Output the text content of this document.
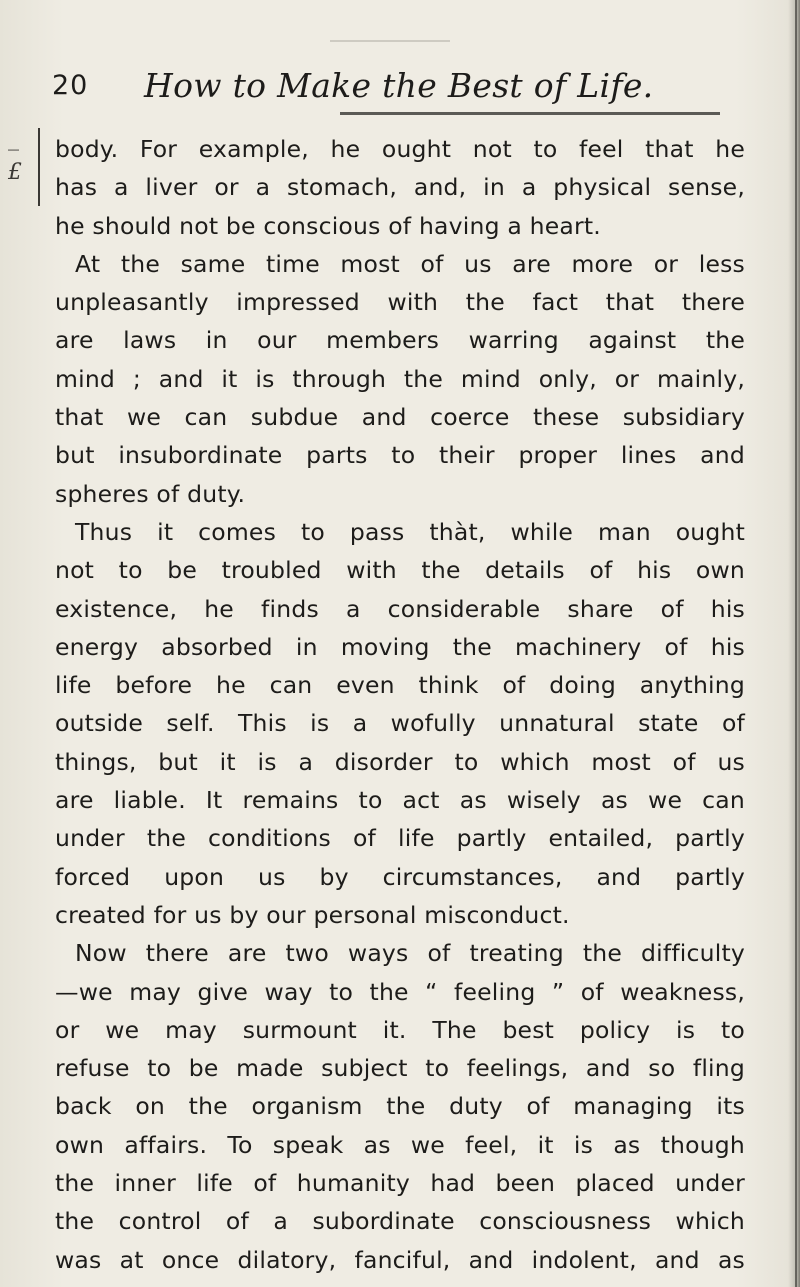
20 How to Make the Best of Life.
_
£
body. For example, he ought not to feel that he
has a liver or a stomach, and, in a physical sense,
he should not be conscious of having a heart.
At the same time most of us are more or less
unpleasantly impressed with the fact that there
are laws in our members warring against the
mind ; and it is through the mind only, or mainly,
that we can subdue and coerce these subsidiary
but insubordinate parts to their proper lines and
spheres of duty.
Thus it comes to pass thàt, while man ought
not to be troubled with the details of his own
existence, he finds a considerable share of his
energy absorbed in moving the machinery of his
life before he can even think of doing anything
outside self. This is a wofully unnatural state of
things, but it is a disorder to which most of us
are liable. It remains to act as wisely as we can
under the conditions of life partly entailed, partly
forced upon us by circumstances, and partly
created for us by our personal misconduct.
Now there are two ways of treating the difficulty
—we may give way to the “ feeling ” of weakness,
or we may surmount it. The best policy is to
refuse to be made subject to feelings, and so fling
back on the organism the duty of managing its
own affairs. To speak as we feel, it is as though
the inner life of humanity had been placed under
the control of a subordinate consciousness which
was at once dilatory, fanciful, and indolent, and as
